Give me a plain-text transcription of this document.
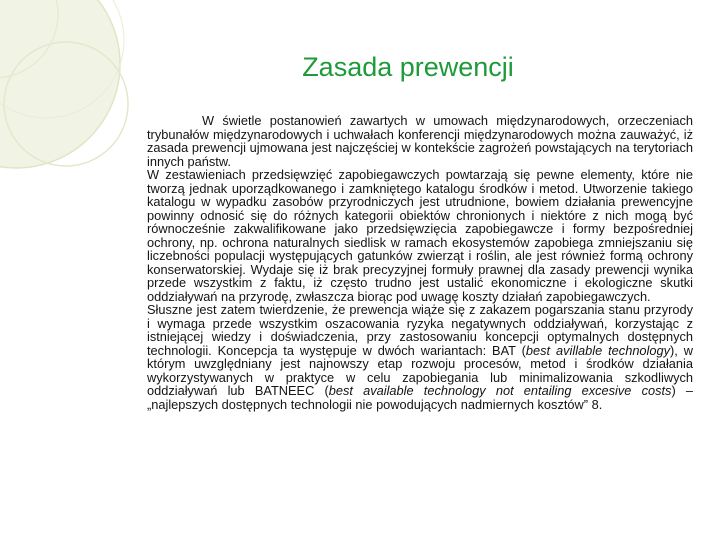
Zasada prewencji

W świetle postanowień zawartych w umowach międzynarodowych, orzeczeniach trybunałów międzynarodowych i uchwałach konferencji międzynarodowych można zauważyć, iż zasada prewencji ujmowana jest najczęściej w kontekście zagrożeń powstających na terytoriach innych państw.

W zestawieniach przedsięwzięć zapobiegawczych powtarzają się pewne elementy, które nie tworzą jednak uporządkowanego i zamkniętego katalogu środków i metod. Utworzenie takiego katalogu w wypadku zasobów przyrodniczych jest utrudnione, bowiem działania prewencyjne powinny odnosić się do różnych kategorii obiektów chronionych i niektóre z nich mogą być równocześnie zakwalifikowane jako przedsięwzięcia zapobiegawcze i formy bezpośredniej ochrony, np. ochrona naturalnych siedlisk w ramach ekosystemów zapobiega zmniejszaniu się liczebności populacji występujących gatunków zwierząt i roślin, ale jest również formą ochrony konserwatorskiej. Wydaje się iż brak precyzyjnej formuły prawnej dla zasady prewencji wynika przede wszystkim z faktu, iż często trudno jest ustalić ekonomiczne i ekologiczne skutki oddziaływań na przyrodę, zwłaszcza biorąc pod uwagę koszty działań zapobiegawczych.

Słuszne jest zatem twierdzenie, że prewencja wiąże się z zakazem pogarszania stanu przyrody i wymaga przede wszystkim oszacowania ryzyka negatywnych oddziaływań, korzystając z istniejącej wiedzy i doświadczenia, przy zastosowaniu koncepcji optymalnych dostępnych technologii. Koncepcja ta występuje w dwóch wariantach: BAT (best avillable technology), w którym uwzględniany jest najnowszy etap rozwoju procesów, metod i środków działania wykorzystywanych w praktyce w celu zapobiegania lub minimalizowania szkodliwych oddziaływań lub BATNEEC (best available technology not entailing excesive costs) – „najlepszych dostępnych technologii nie powodujących nadmiernych kosztów” 8.
